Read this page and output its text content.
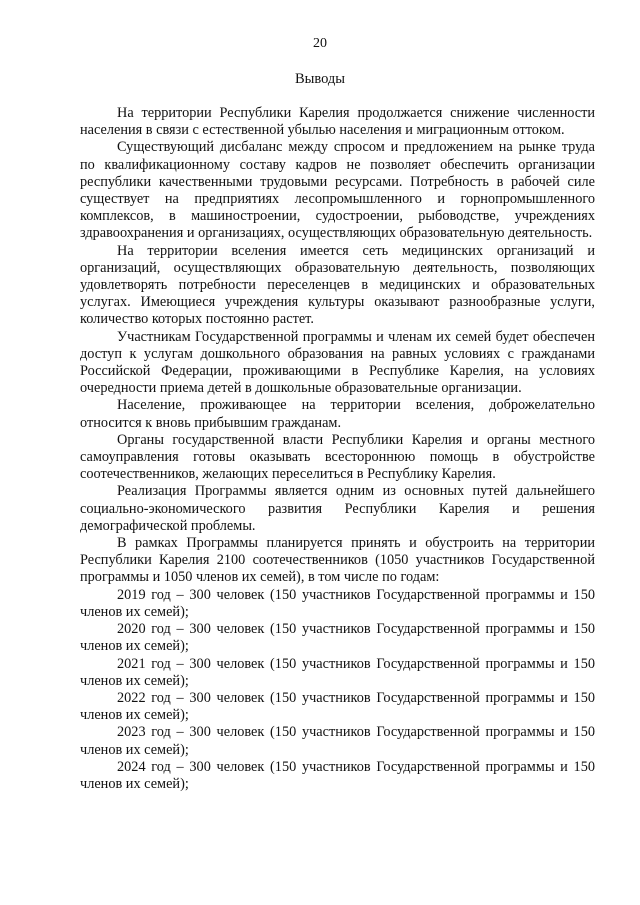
20
Выводы

На территории Республики Карелия продолжается снижение численности населения в связи с естественной убылью населения и миграционным оттоком.

Существующий дисбаланс между спросом и предложением на рынке труда по квалификационному составу кадров не позволяет обеспечить организации республики качественными трудовыми ресурсами. Потребность в рабочей силе существует на предприятиях лесопромышленного и горнопромышленного комплексов, в машиностроении, судостроении, рыбоводстве, учреждениях здравоохранения и организациях, осуществляющих образовательную деятельность.

На территории вселения имеется сеть медицинских организаций и организаций, осуществляющих образовательную деятельность, позволяющих удовлетворять потребности переселенцев в медицинских и образовательных услугах. Имеющиеся учреждения культуры оказывают разнообразные услуги, количество которых постоянно растет.

Участникам Государственной программы и членам их семей будет обеспечен доступ к услугам дошкольного образования на равных условиях с гражданами Российской Федерации, проживающими в Республике Карелия, на условиях очередности приема детей в дошкольные образовательные организации.

Население, проживающее на территории вселения, доброжелательно относится к вновь прибывшим гражданам.

Органы государственной власти Республики Карелия и органы местного самоуправления готовы оказывать всестороннюю помощь в обустройстве соотечественников, желающих переселиться в Республику Карелия.

Реализация Программы является одним из основных путей дальнейшего социально-экономического развития Республики Карелия и решения демографической проблемы.

В рамках Программы планируется принять и обустроить на территории Республики Карелия 2100 соотечественников (1050 участников Государственной программы и 1050 членов их семей), в том числе по годам:

2019 год – 300 человек (150 участников Государственной программы и 150 членов их семей);

2020 год – 300 человек (150 участников Государственной программы и 150 членов их семей);

2021 год – 300 человек (150 участников Государственной программы и 150 членов их семей);

2022 год – 300 человек (150 участников Государственной программы и 150 членов их семей);

2023 год – 300 человек (150 участников Государственной программы и 150 членов их семей);

2024 год – 300 человек (150 участников Государственной программы и 150 членов их семей);
